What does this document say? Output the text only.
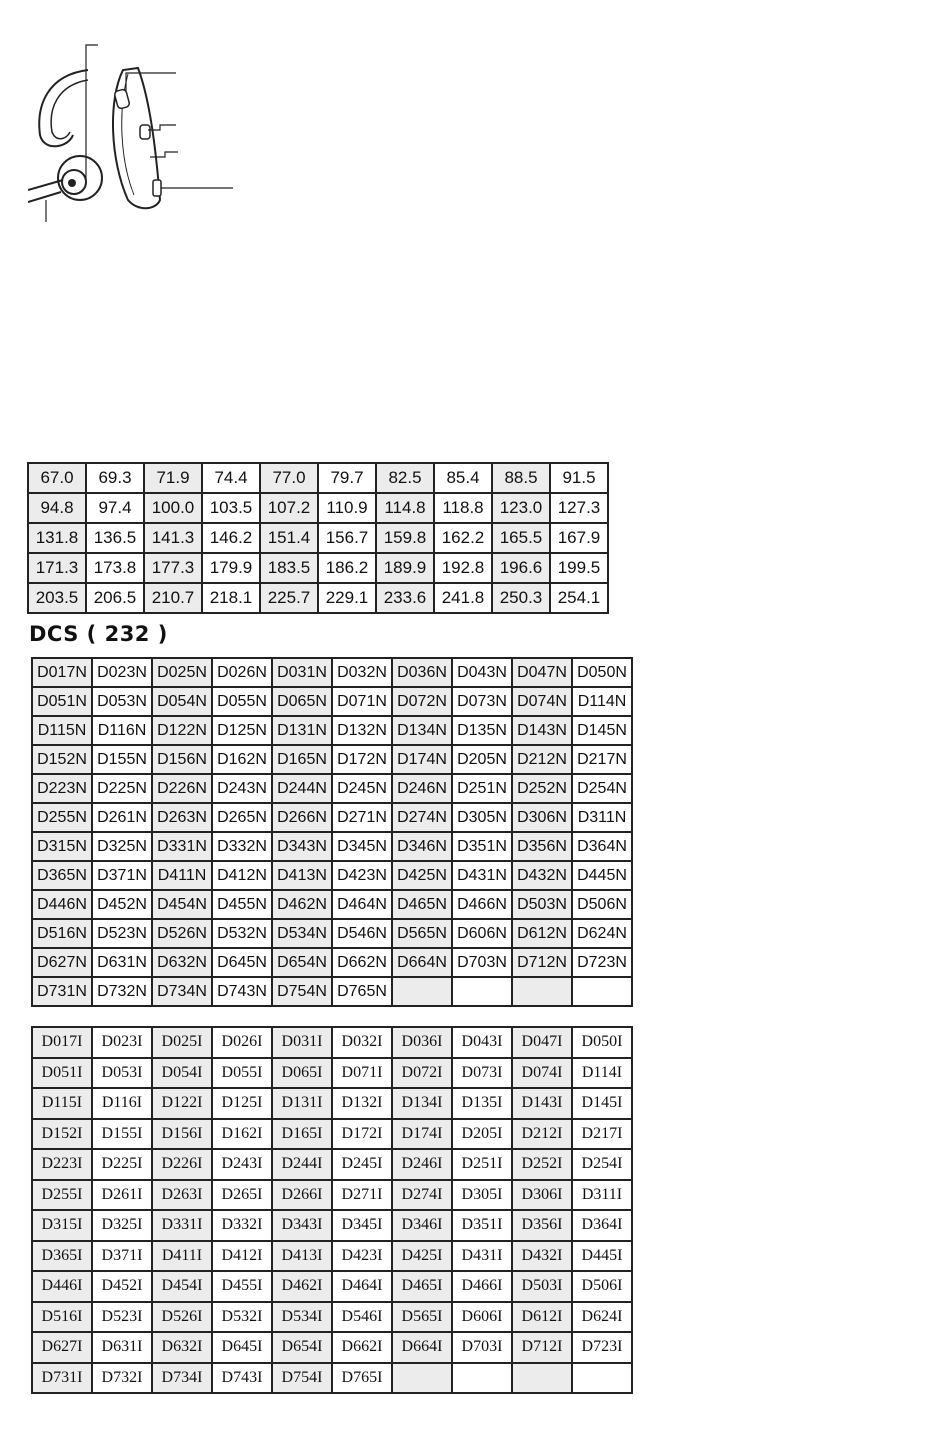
67.0	69.3	71.9	74.4	77.0	79.7	82.5	85.4	88.5	91.5
94.8	97.4	100.0	103.5	107.2	110.9	114.8	118.8	123.0	127.3
131.8	136.5	141.3	146.2	151.4	156.7	159.8	162.2	165.5	167.9
171.3	173.8	177.3	179.9	183.5	186.2	189.9	192.8	196.6	199.5
203.5	206.5	210.7	218.1	225.7	229.1	233.6	241.8	250.3	254.1
DCS ( 232 )
D017N	D023N	D025N	D026N	D031N	D032N	D036N	D043N	D047N	D050N
D051N	D053N	D054N	D055N	D065N	D071N	D072N	D073N	D074N	D114N
D115N	D116N	D122N	D125N	D131N	D132N	D134N	D135N	D143N	D145N
D152N	D155N	D156N	D162N	D165N	D172N	D174N	D205N	D212N	D217N
D223N	D225N	D226N	D243N	D244N	D245N	D246N	D251N	D252N	D254N
D255N	D261N	D263N	D265N	D266N	D271N	D274N	D305N	D306N	D311N
D315N	D325N	D331N	D332N	D343N	D345N	D346N	D351N	D356N	D364N
D365N	D371N	D411N	D412N	D413N	D423N	D425N	D431N	D432N	D445N
D446N	D452N	D454N	D455N	D462N	D464N	D465N	D466N	D503N	D506N
D516N	D523N	D526N	D532N	D534N	D546N	D565N	D606N	D612N	D624N
D627N	D631N	D632N	D645N	D654N	D662N	D664N	D703N	D712N	D723N
D731N	D732N	D734N	D743N	D754N	D765N				
D017I	D023I	D025I	D026I	D031I	D032I	D036I	D043I	D047I	D050I
D051I	D053I	D054I	D055I	D065I	D071I	D072I	D073I	D074I	D114I
D115I	D116I	D122I	D125I	D131I	D132I	D134I	D135I	D143I	D145I
D152I	D155I	D156I	D162I	D165I	D172I	D174I	D205I	D212I	D217I
D223I	D225I	D226I	D243I	D244I	D245I	D246I	D251I	D252I	D254I
D255I	D261I	D263I	D265I	D266I	D271I	D274I	D305I	D306I	D311I
D315I	D325I	D331I	D332I	D343I	D345I	D346I	D351I	D356I	D364I
D365I	D371I	D411I	D412I	D413I	D423I	D425I	D431I	D432I	D445I
D446I	D452I	D454I	D455I	D462I	D464I	D465I	D466I	D503I	D506I
D516I	D523I	D526I	D532I	D534I	D546I	D565I	D606I	D612I	D624I
D627I	D631I	D632I	D645I	D654I	D662I	D664I	D703I	D712I	D723I
D731I	D732I	D734I	D743I	D754I	D765I				
